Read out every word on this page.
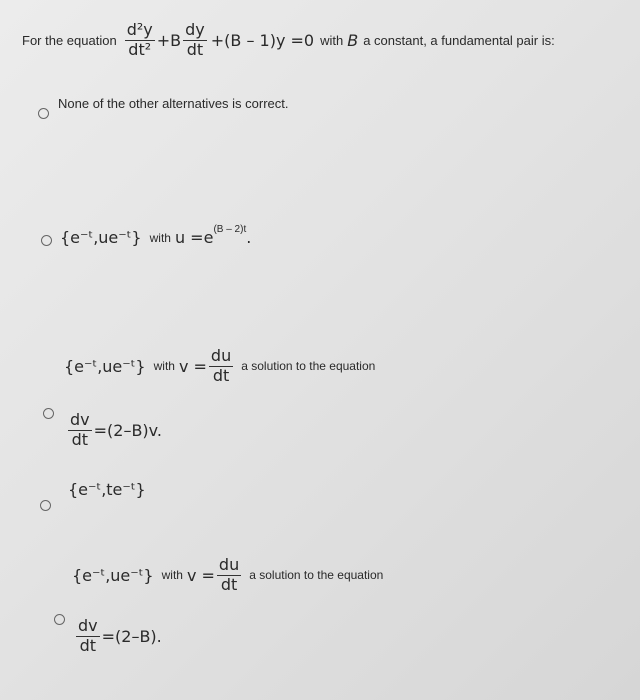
For the equation $\frac{\text{d²y}}{\text{dt²}} +B \frac{dy}{dt} +(B - 1)y =0$ with B a constant, a fundamental pair is:
None of the other alternatives is correct.
{e⁻ᵗ,ue⁻ᵗ} with $u =e^{(B - 2)t}$ .
{e⁻ᵗ,ue⁻ᵗ} with $v = \frac{du}{dt}$ a solution to the equation
$\frac{dv}{dt} =(2-B)v$.
{e⁻ᵗ,te⁻ᵗ}
{e⁻ᵗ,ue⁻ᵗ} with $v = \frac{du}{dt}$ a solution to the equation
$\frac{dv}{dt} =(2-B)$.
